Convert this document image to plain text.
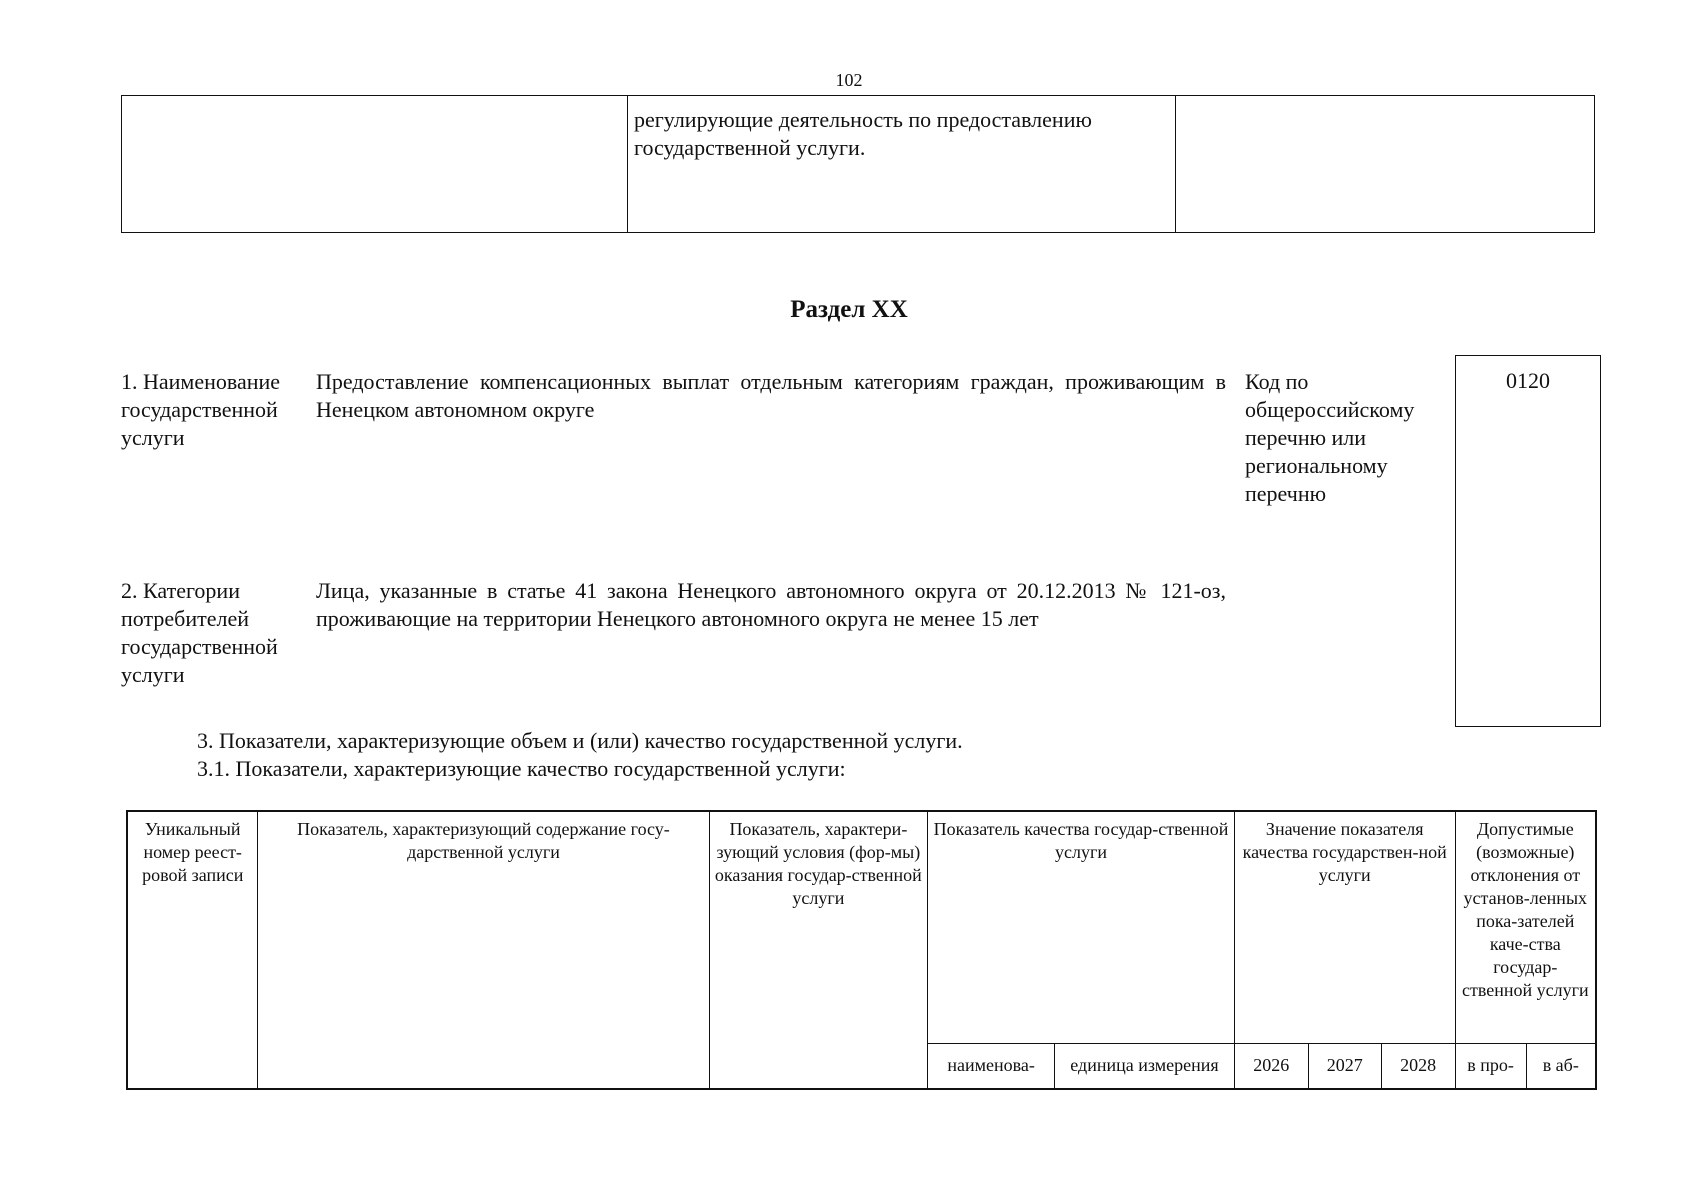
102
регулирующие деятельность по предоставлению государственной услуги.
Раздел XX
1. Наименование государственной услуги
Предоставление компенсационных выплат отдельным категориям граждан, проживающим в Ненецком автономном округе
Код по общероссийскому перечню или региональному перечню
0120
2. Категории потребителей государственной услуги
Лица, указанные в статье 41 закона Ненецкого автономного округа от 20.12.2013 № 121-оз, проживающие на территории Ненецкого автономного округа не менее 15 лет
3. Показатели, характеризующие объем и (или) качество государственной услуги.
3.1. Показатели, характеризующие качество государственной услуги:
Уникальный номер реест-ровой записи	Показатель, характеризующий содержание госу-дарственной услуги	Показатель, характери-зующий условия (фор-мы) оказания государ-ственной услуги	Показатель качества государ-ственной услуги		Значение показателя качества государствен-ной услуги			Допустимые (возможные) отклонения от установ-ленных пока-зателей каче-ства государ-ственной услуги	
			наименова-	единица измерения	2026	2027	2028	в про-	в аб-
